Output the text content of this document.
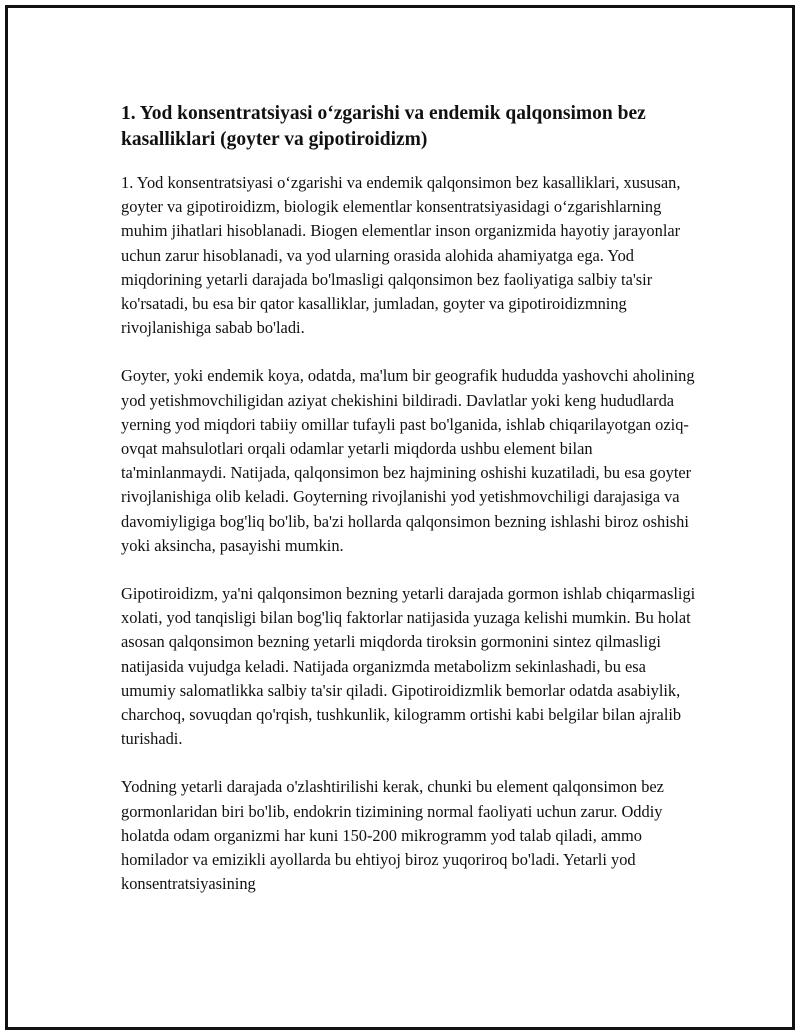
1. Yod konsentratsiyasi o‘zgarishi va endemik qalqonsimon bez kasalliklari (goyter va gipotiroidizm)

1. Yod konsentratsiyasi o‘zgarishi va endemik qalqonsimon bez kasalliklari, xususan, goyter va gipotiroidizm, biologik elementlar konsentratsiyasidagi o‘zgarishlarning muhim jihatlari hisoblanadi. Biogen elementlar inson organizmida hayotiy jarayonlar uchun zarur hisoblanadi, va yod ularning orasida alohida ahamiyatga ega. Yod miqdorining yetarli darajada bo'lmasligi qalqonsimon bez faoliyatiga salbiy ta'sir ko'rsatadi, bu esa bir qator kasalliklar, jumladan, goyter va gipotiroidizmning rivojlanishiga sabab bo'ladi.

Goyter, yoki endemik koya, odatda, ma'lum bir geografik hududda yashovchi aholining yod yetishmovchiligidan aziyat chekishini bildiradi. Davlatlar yoki keng hududlarda yerning yod miqdori tabiiy omillar tufayli past bo'lganida, ishlab chiqarilayotgan oziq-ovqat mahsulotlari orqali odamlar yetarli miqdorda ushbu element bilan ta'minlanmaydi. Natijada, qalqonsimon bez hajmining oshishi kuzatiladi, bu esa goyter rivojlanishiga olib keladi. Goyterning rivojlanishi yod yetishmovchiligi darajasiga va davomiyligiga bog'liq bo'lib, ba'zi hollarda qalqonsimon bezning ishlashi biroz oshishi yoki aksincha, pasayishi mumkin.

Gipotiroidizm, ya'ni qalqonsimon bezning yetarli darajada gormon ishlab chiqarmasligi xolati, yod tanqisligi bilan bog'liq faktorlar natijasida yuzaga kelishi mumkin. Bu holat asosan qalqonsimon bezning yetarli miqdorda tiroksin gormonini sintez qilmasligi natijasida vujudga keladi. Natijada organizmda metabolizm sekinlashadi, bu esa umumiy salomatlikka salbiy ta'sir qiladi. Gipotiroidizmlik bemorlar odatda asabiylik, charchoq, sovuqdan qo'rqish, tushkunlik, kilogramm ortishi kabi belgilar bilan ajralib turishadi.

Yodning yetarli darajada o'zlashtirilishi kerak, chunki bu element qalqonsimon bez gormonlaridan biri bo'lib, endokrin tizimining normal faoliyati uchun zarur. Oddiy holatda odam organizmi har kuni 150-200 mikrogramm yod talab qiladi, ammo homilador va emizikli ayollarda bu ehtiyoj biroz yuqoriroq bo'ladi. Yetarli yod konsentratsiyasining
